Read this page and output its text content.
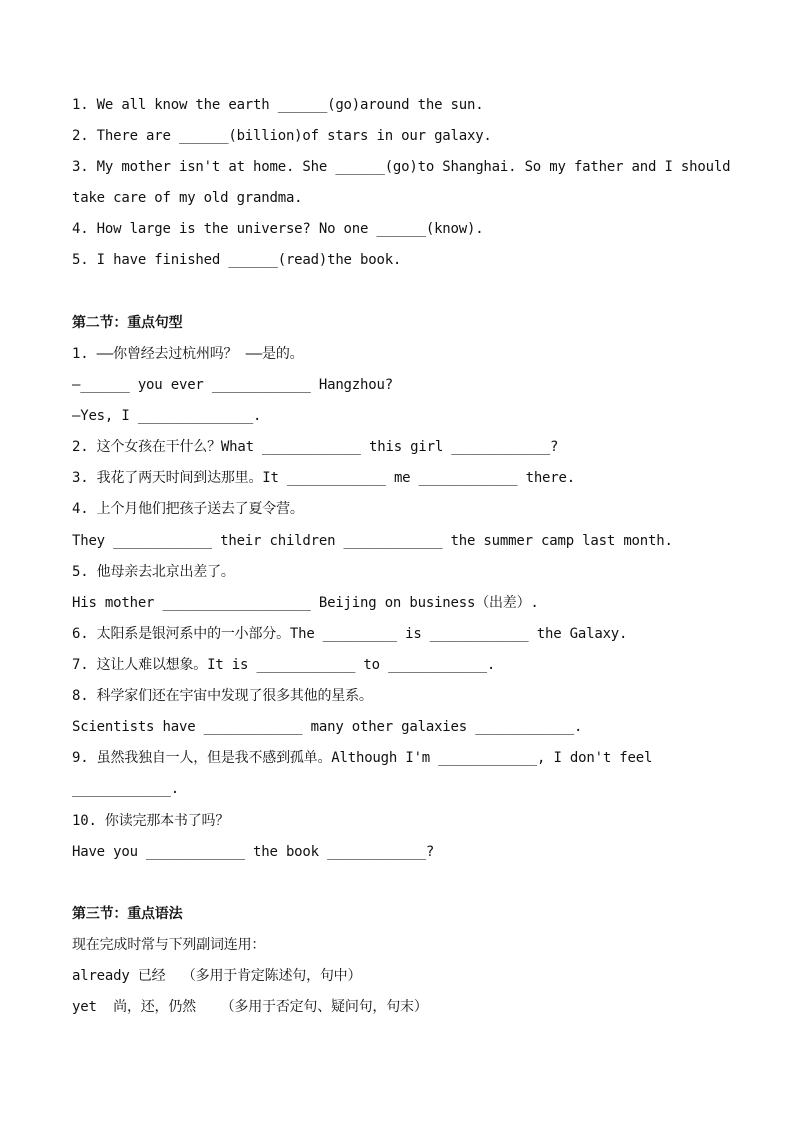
1. We all know the earth ______(go)around the sun.
2. There are ______(billion)of stars in our galaxy.
3. My mother isn't at home. She ______(go)to Shanghai. So my father and I should
take care of my old grandma.
4. How large is the universe? No one ______(know).
5. I have finished ______(read)the book.
第二节：重点句型
1. ——你曾经去过杭州吗？ ——是的。
—______ you ever ____________ Hangzhou?
—Yes, I ______________.
2. 这个女孩在干什么？What ____________ this girl ____________?
3. 我花了两天时间到达那里。It ____________ me ____________ there.
4. 上个月他们把孩子送去了夏令营。
They ____________ their children ____________ the summer camp last month.
5. 他母亲去北京出差了。
His mother __________________ Beijing on business（出差）.
6. 太阳系是银河系中的一小部分。The _________ is ____________ the Galaxy.
7. 这让人难以想象。It is ____________ to ____________.
8. 科学家们还在宇宙中发现了很多其他的星系。
Scientists have ____________ many other galaxies ____________.
9. 虽然我独自一人，但是我不感到孤单。Although I'm ____________, I don't feel
____________.
10. 你读完那本书了吗？
Have you ____________ the book ____________?
第三节：重点语法
现在完成时常与下列副词连用：
already 已经  （多用于肯定陈述句，句中）
yet  尚，还，仍然   （多用于否定句、疑问句，句末）
